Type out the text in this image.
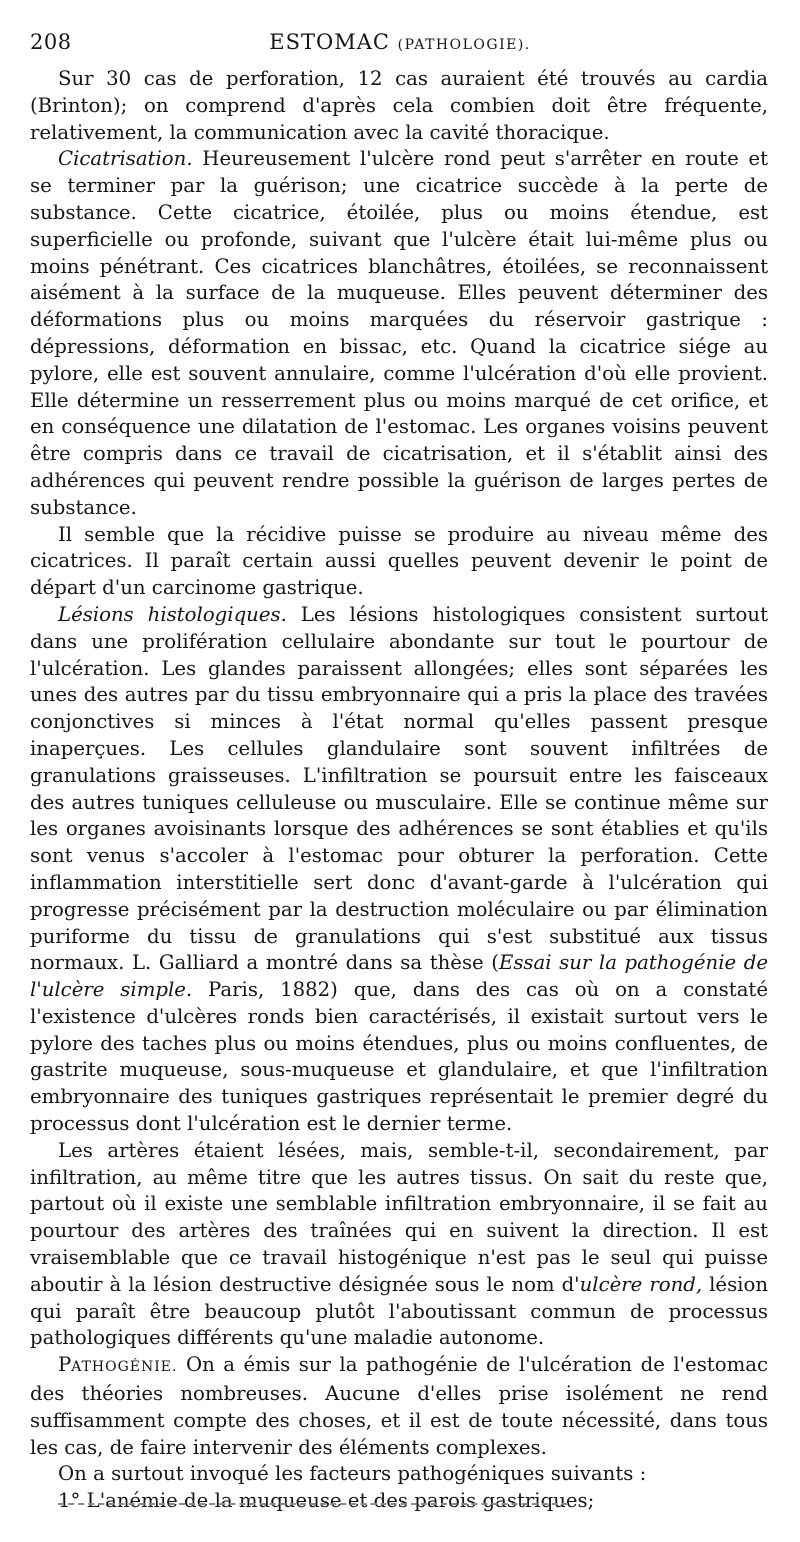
208	ESTOMAC (PATHOLOGIE).

Sur 30 cas de perforation, 12 cas auraient été trouvés au cardia (Brinton); on comprend d'après cela combien doit être fréquente, relativement, la communication avec la cavité thoracique.

Cicatrisation. Heureusement l'ulcère rond peut s'arrêter en route et se terminer par la guérison; une cicatrice succède à la perte de substance. Cette cicatrice, étoilée, plus ou moins étendue, est superficielle ou profonde, suivant que l'ulcère était lui-même plus ou moins pénétrant. Ces cicatrices blanchâtres, étoilées, se reconnaissent aisément à la surface de la muqueuse. Elles peuvent déterminer des déformations plus ou moins marquées du réservoir gastrique : dépressions, déformation en bissac, etc. Quand la cicatrice siége au pylore, elle est souvent annulaire, comme l'ulcération d'où elle provient. Elle détermine un resserrement plus ou moins marqué de cet orifice, et en conséquence une dilatation de l'estomac. Les organes voisins peuvent être compris dans ce travail de cicatrisation, et il s'établit ainsi des adhérences qui peuvent rendre possible la guérison de larges pertes de substance.

Il semble que la récidive puisse se produire au niveau même des cicatrices. Il paraît certain aussi quelles peuvent devenir le point de départ d'un carcinome gastrique.

Lésions histologiques. Les lésions histologiques consistent surtout dans une prolifération cellulaire abondante sur tout le pourtour de l'ulcération. Les glandes paraissent allongées; elles sont séparées les unes des autres par du tissu embryonnaire qui a pris la place des travées conjonctives si minces à l'état normal qu'elles passent presque inaperçues. Les cellules glandulaire sont souvent infiltrées de granulations graisseuses. L'infiltration se poursuit entre les faisceaux des autres tuniques celluleuse ou musculaire. Elle se continue même sur les organes avoisinants lorsque des adhérences se sont établies et qu'ils sont venus s'accoler à l'estomac pour obturer la perforation. Cette inflammation interstitielle sert donc d'avant-garde à l'ulcération qui progresse précisément par la destruction moléculaire ou par élimination puriforme du tissu de granulations qui s'est substitué aux tissus normaux. L. Galliard a montré dans sa thèse (Essai sur la pathogénie de l'ulcère simple. Paris, 1882) que, dans des cas où on a constaté l'existence d'ulcères ronds bien caractérisés, il existait surtout vers le pylore des taches plus ou moins étendues, plus ou moins confluentes, de gastrite muqueuse, sous-muqueuse et glandulaire, et que l'infiltration embryonnaire des tuniques gastriques représentait le premier degré du processus dont l'ulcération est le dernier terme.

Les artères étaient lésées, mais, semble-t-il, secondairement, par infiltration, au même titre que les autres tissus. On sait du reste que, partout où il existe une semblable infiltration embryonnaire, il se fait au pourtour des artères des traînées qui en suivent la direction. Il est vraisemblable que ce travail histogénique n'est pas le seul qui puisse aboutir à la lésion destructive désignée sous le nom d'ulcère rond, lésion qui paraît être beaucoup plutôt l'aboutissant commun de processus pathologiques différents qu'une maladie autonome.

PATHOGÉNIE. On a émis sur la pathogénie de l'ulcération de l'estomac des théories nombreuses. Aucune d'elles prise isolément ne rend suffisamment compte des choses, et il est de toute nécessité, dans tous les cas, de faire intervenir des éléments complexes.

On a surtout invoqué les facteurs pathogéniques suivants :

1° L'anémie de la muqueuse et des parois gastriques;
